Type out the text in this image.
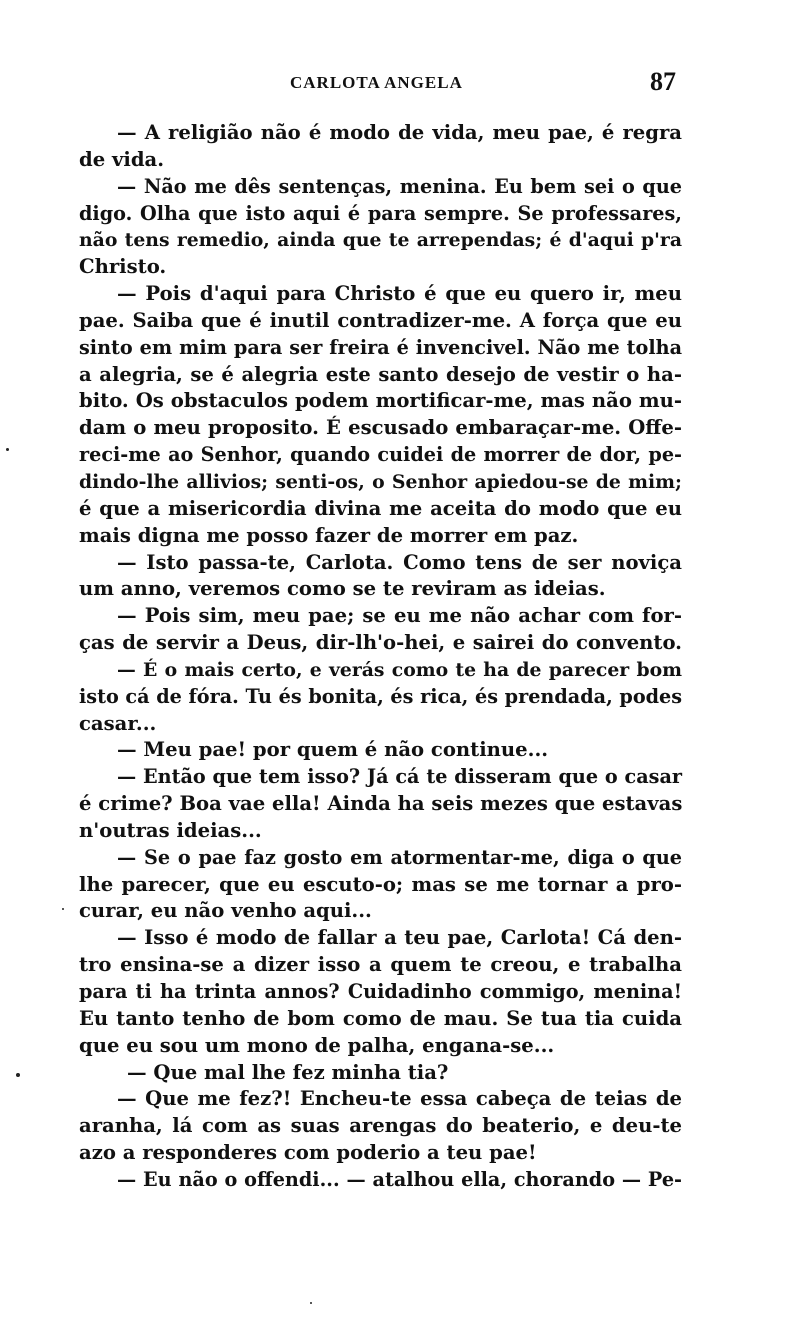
CARLOTA ANGELA	87
— A religião não é modo de vida, meu pae, é regra
de vida.
— Não me dês sentenças, menina. Eu bem sei o que
digo. Olha que isto aqui é para sempre. Se professares,
não tens remedio, ainda que te arrependas; é d'aqui p'ra
Christo.
— Pois d'aqui para Christo é que eu quero ir, meu
pae. Saiba que é inutil contradizer-me. A força que eu
sinto em mim para ser freira é invencivel. Não me tolha
a alegria, se é alegria este santo desejo de vestir o ha-
bito. Os obstaculos podem mortificar-me, mas não mu-
dam o meu proposito. É escusado embaraçar-me. Offe-
reci-me ao Senhor, quando cuidei de morrer de dor, pe-
dindo-lhe allivios; senti-os, o Senhor apiedou-se de mim;
é que a misericordia divina me aceita do modo que eu
mais digna me posso fazer de morrer em paz.
— Isto passa-te, Carlota. Como tens de ser noviça
um anno, veremos como se te reviram as ideias.
— Pois sim, meu pae; se eu me não achar com for-
ças de servir a Deus, dir-lh'o-hei, e sairei do convento.
— É o mais certo, e verás como te ha de parecer bom
isto cá de fóra. Tu és bonita, és rica, és prendada, podes
casar...
— Meu pae! por quem é não continue...
— Então que tem isso? Já cá te disseram que o casar
é crime? Boa vae ella! Ainda ha seis mezes que estavas
n'outras ideias...
— Se o pae faz gosto em atormentar-me, diga o que
lhe parecer, que eu escuto-o; mas se me tornar a pro-
curar, eu não venho aqui...
— Isso é modo de fallar a teu pae, Carlota! Cá den-
tro ensina-se a dizer isso a quem te creou, e trabalha
para ti ha trinta annos? Cuidadinho commigo, menina!
Eu tanto tenho de bom como de mau. Se tua tia cuida
que eu sou um mono de palha, engana-se...
— Que mal lhe fez minha tia?
— Que me fez?! Encheu-te essa cabeça de teias de
aranha, lá com as suas arengas do beaterio, e deu-te
azo a responderes com poderio a teu pae!
— Eu não o offendi... — atalhou ella, chorando — Pe-
